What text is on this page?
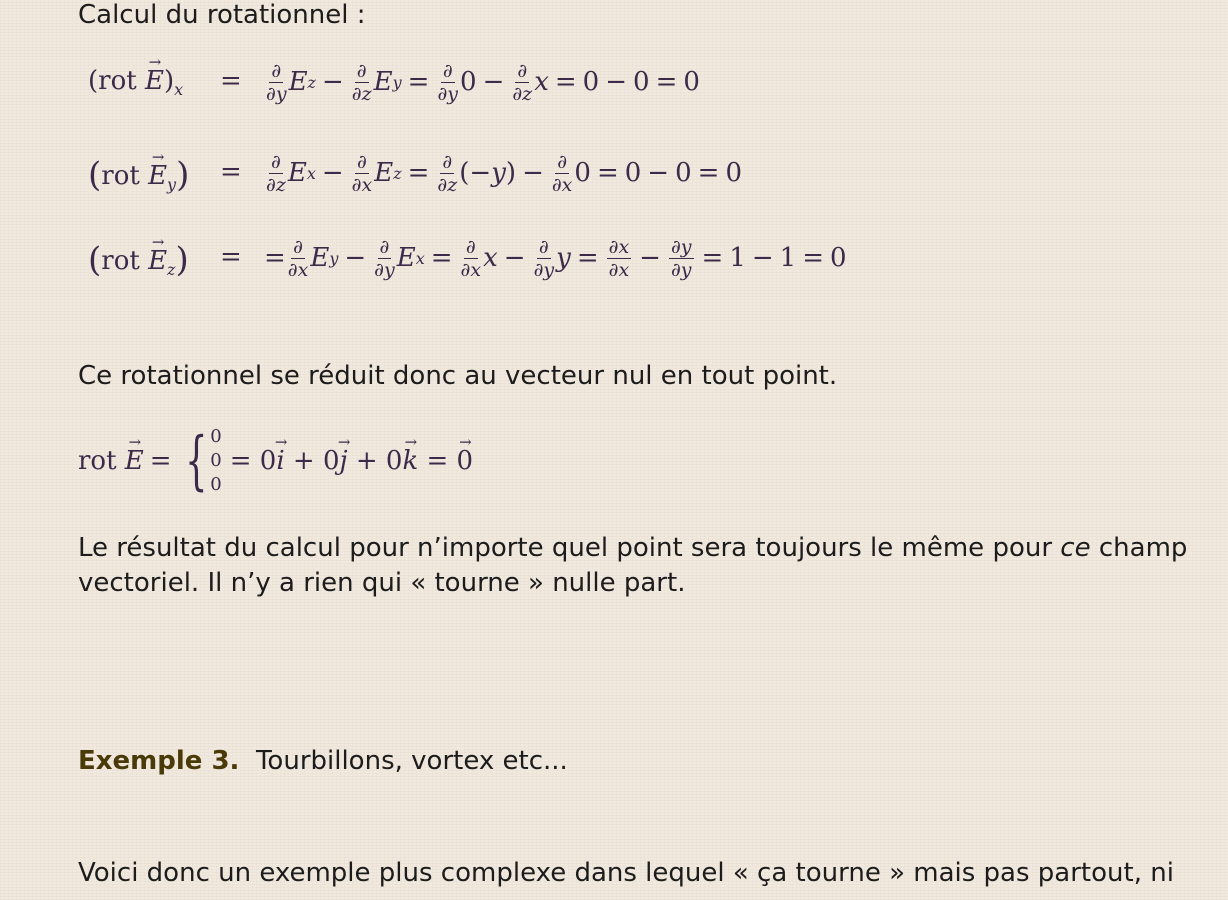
Calcul du rotationnel :
$(rot \to E)_x = \frac{\partial}{\partial y}$ E $z - \frac{\partial}{\partial z}$ E $y = \frac{\partial}{\partial y} 0 - \frac{\partial}{\partial z}$ x = 0 − 0 = 0
$(rot \to E_y) = \frac{\partial}{\partial z}$ E $x - \frac{\partial}{\partial x}$ E $z = \frac{\partial}{\partial z}$ (− y ) − $\frac{\partial}{\partial x} 0 = 0 - 0 = 0$
$(rot \to E_z)$ = = $\frac{\partial}{\partial x}$ E $y - \frac{\partial}{\partial y}$ E $x = \frac{\partial}{\partial x}$ $x - \frac{\partial}{\partial y}$ $y = \frac{\partial x}{\partial x} - \frac{\partial y}{\partial y} = 1 - 1 = 0$
Ce rotationnel se réduit donc au vecteur nul en tout point.
rot → E = { 0
0
0
= 0→ i + 0→ j + 0→ k = → 0
Le résultat du calcul pour n’importe quel point sera toujours le même pour ce champ
vectoriel. Il n’y a rien qui « tourne » nulle part.
Exemple 3. Tourbillons, vortex etc...
Voici donc un exemple plus complexe dans lequel « ça tourne » mais pas partout, ni
